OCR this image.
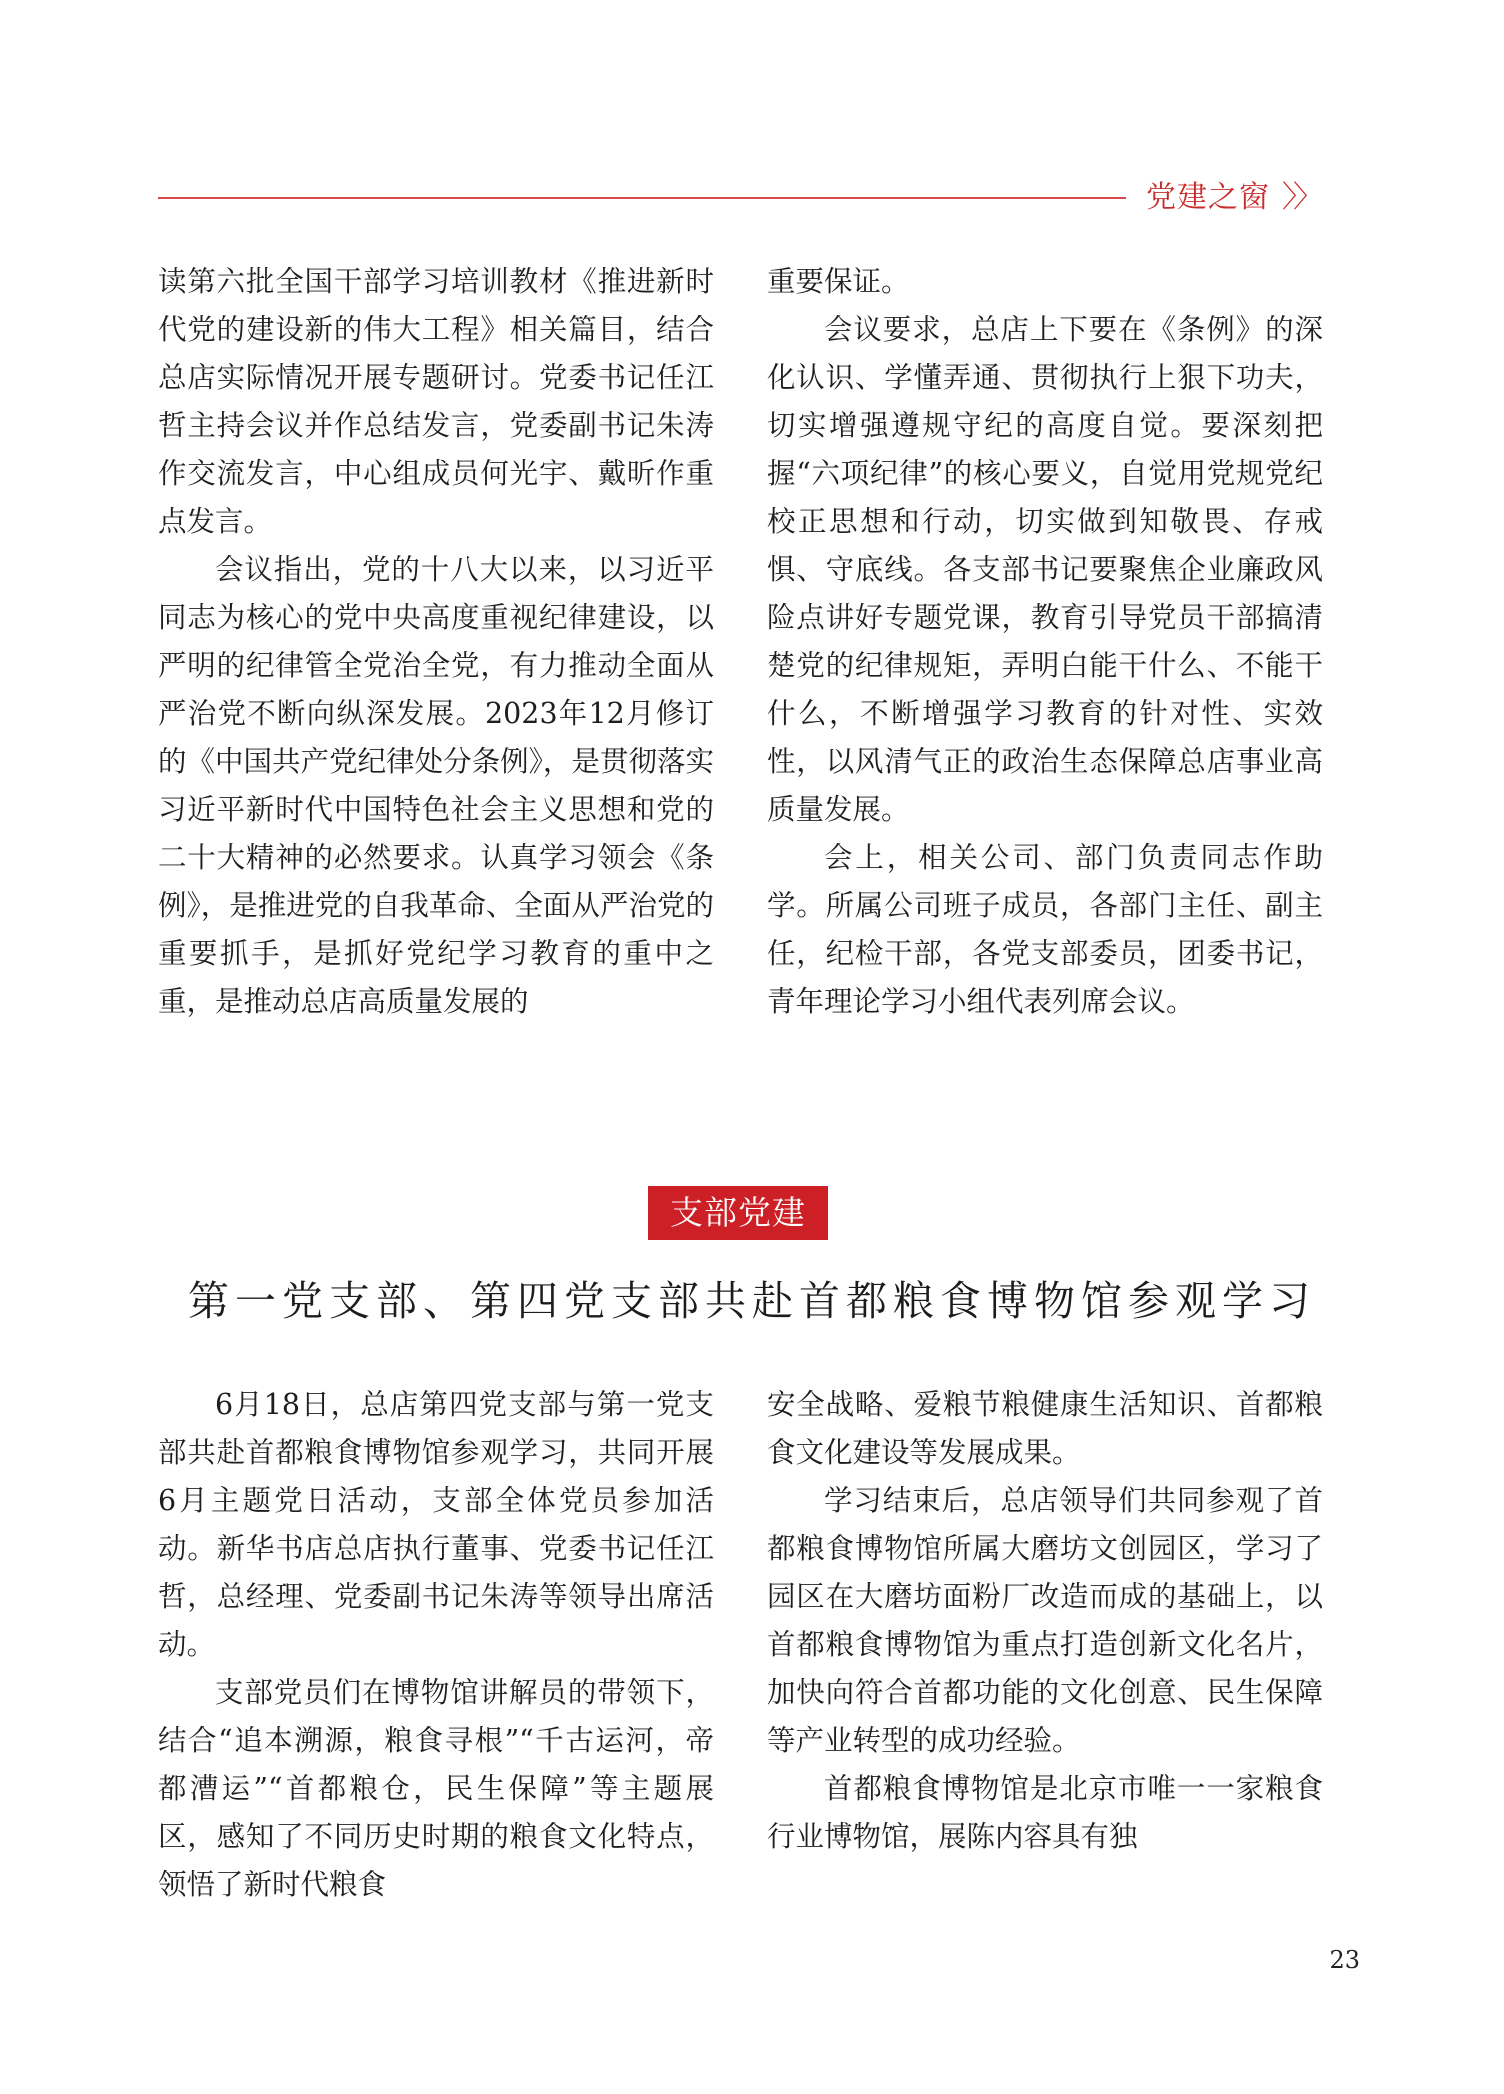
党建之窗 〉〉

读第六批全国干部学习培训教材《推进新时代党的建设新的伟大工程》相关篇目，结合总店实际情况开展专题研讨。党委书记任江哲主持会议并作总结发言，党委副书记朱涛作交流发言，中心组成员何光宇、戴昕作重点发言。

会议指出，党的十八大以来，以习近平同志为核心的党中央高度重视纪律建设，以严明的纪律管全党治全党，有力推动全面从严治党不断向纵深发展。2023年12月修订的《中国共产党纪律处分条例》，是贯彻落实习近平新时代中国特色社会主义思想和党的二十大精神的必然要求。认真学习领会《条例》，是推进党的自我革命、全面从严治党的重要抓手，是抓好党纪学习教育的重中之重，是推动总店高质量发展的

重要保证。

会议要求，总店上下要在《条例》的深化认识、学懂弄通、贯彻执行上狠下功夫，切实增强遵规守纪的高度自觉。要深刻把握“六项纪律”的核心要义，自觉用党规党纪校正思想和行动，切实做到知敬畏、存戒惧、守底线。各支部书记要聚焦企业廉政风险点讲好专题党课，教育引导党员干部搞清楚党的纪律规矩，弄明白能干什么、不能干什么，不断增强学习教育的针对性、实效性，以风清气正的政治生态保障总店事业高质量发展。

会上，相关公司、部门负责同志作助学。所属公司班子成员，各部门主任、副主任，纪检干部，各党支部委员，团委书记，青年理论学习小组代表列席会议。

支部党建
第一党支部、第四党支部共赴首都粮食博物馆参观学习

6月18日，总店第四党支部与第一党支部共赴首都粮食博物馆参观学习，共同开展6月主题党日活动，支部全体党员参加活动。新华书店总店执行董事、党委书记任江哲，总经理、党委副书记朱涛等领导出席活动。

支部党员们在博物馆讲解员的带领下，结合“追本溯源，粮食寻根”“千古运河，帝都漕运”“首都粮仓，民生保障”等主题展区，感知了不同历史时期的粮食文化特点，领悟了新时代粮食

安全战略、爱粮节粮健康生活知识、首都粮食文化建设等发展成果。

学习结束后，总店领导们共同参观了首都粮食博物馆所属大磨坊文创园区，学习了园区在大磨坊面粉厂改造而成的基础上，以首都粮食博物馆为重点打造创新文化名片，加快向符合首都功能的文化创意、民生保障等产业转型的成功经验。

首都粮食博物馆是北京市唯一一家粮食行业博物馆，展陈内容具有独

23
